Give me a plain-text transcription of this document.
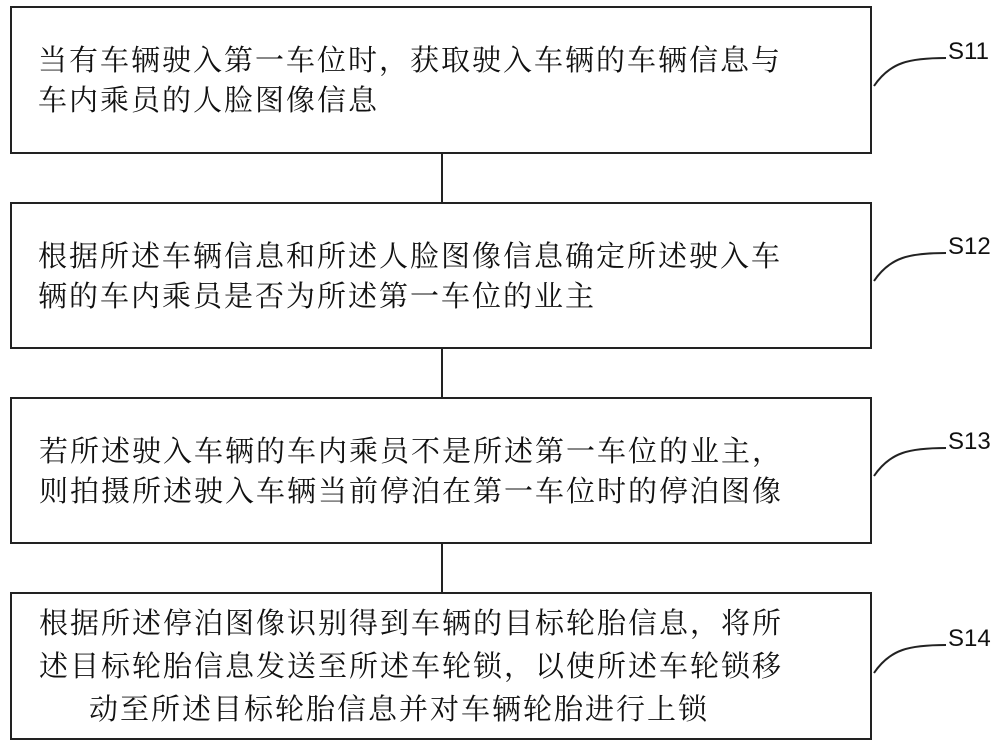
当有车辆驶入第一车位时，获取驶入车辆的车辆信息与
车内乘员的人脸图像信息
根据所述车辆信息和所述人脸图像信息确定所述驶入车
辆的车内乘员是否为所述第一车位的业主
若所述驶入车辆的车内乘员不是所述第一车位的业主，
则拍摄所述驶入车辆当前停泊在第一车位时的停泊图像
根据所述停泊图像识别得到车辆的目标轮胎信息，将所
述目标轮胎信息发送至所述车轮锁，以使所述车轮锁移
动至所述目标轮胎信息并对车辆轮胎进行上锁
S11
S12
S13
S14
